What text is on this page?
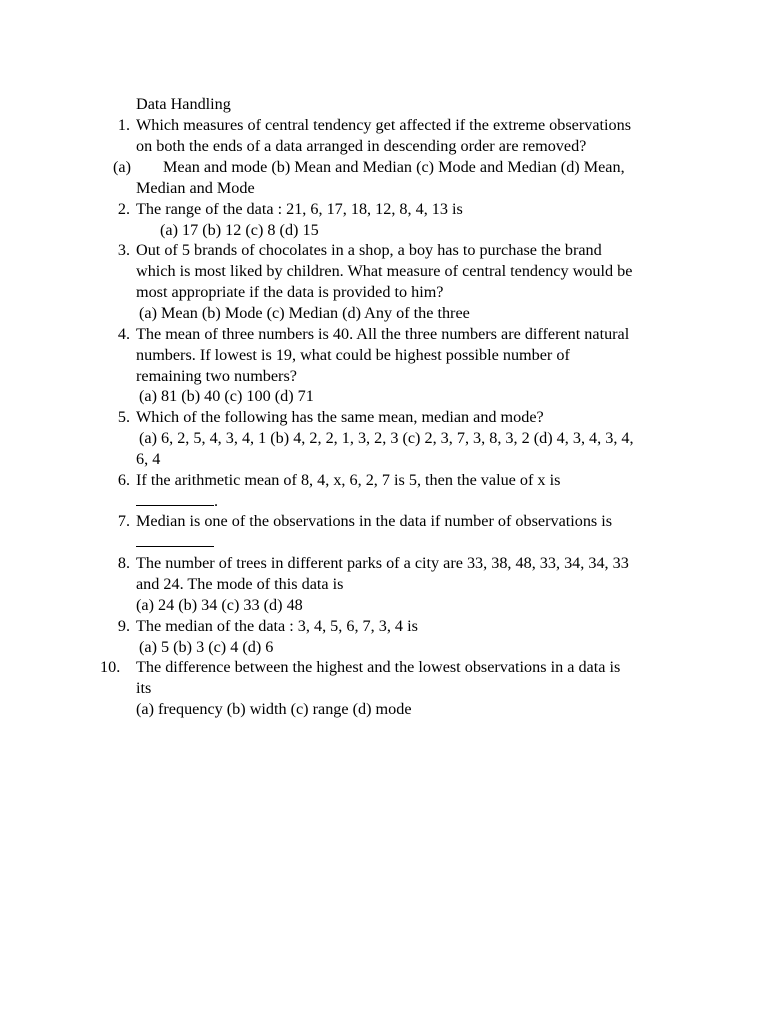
Data Handling
1. Which measures of central tendency get affected if the extreme observations
on both the ends of a data arranged in descending order are removed?
(a) Mean and mode (b) Mean and Median (c) Mode and Median (d) Mean,
Median and Mode
2. The range of the data : 21, 6, 17, 18, 12, 8, 4, 13 is
(a) 17 (b) 12 (c) 8 (d) 15
3. Out of 5 brands of chocolates in a shop, a boy has to purchase the brand
which is most liked by children. What measure of central tendency would be
most appropriate if the data is provided to him?
(a) Mean (b) Mode (c) Median (d) Any of the three
4. The mean of three numbers is 40. All the three numbers are different natural
numbers. If lowest is 19, what could be highest possible number of
remaining two numbers?
(a) 81 (b) 40 (c) 100 (d) 71
5. Which of the following has the same mean, median and mode?
(a) 6, 2, 5, 4, 3, 4, 1 (b) 4, 2, 2, 1, 3, 2, 3 (c) 2, 3, 7, 3, 8, 3, 2 (d) 4, 3, 4, 3, 4,
6, 4
6. If the arithmetic mean of 8, 4, x, 6, 2, 7 is 5, then the value of x is
.
7. Median is one of the observations in the data if number of observations is
8. The number of trees in different parks of a city are 33, 38, 48, 33, 34, 34, 33
and 24. The mode of this data is
(a) 24 (b) 34 (c) 33 (d) 48
9. The median of the data : 3, 4, 5, 6, 7, 3, 4 is
(a) 5 (b) 3 (c) 4 (d) 6
10. The difference between the highest and the lowest observations in a data is
its
(a) frequency (b) width (c) range (d) mode
